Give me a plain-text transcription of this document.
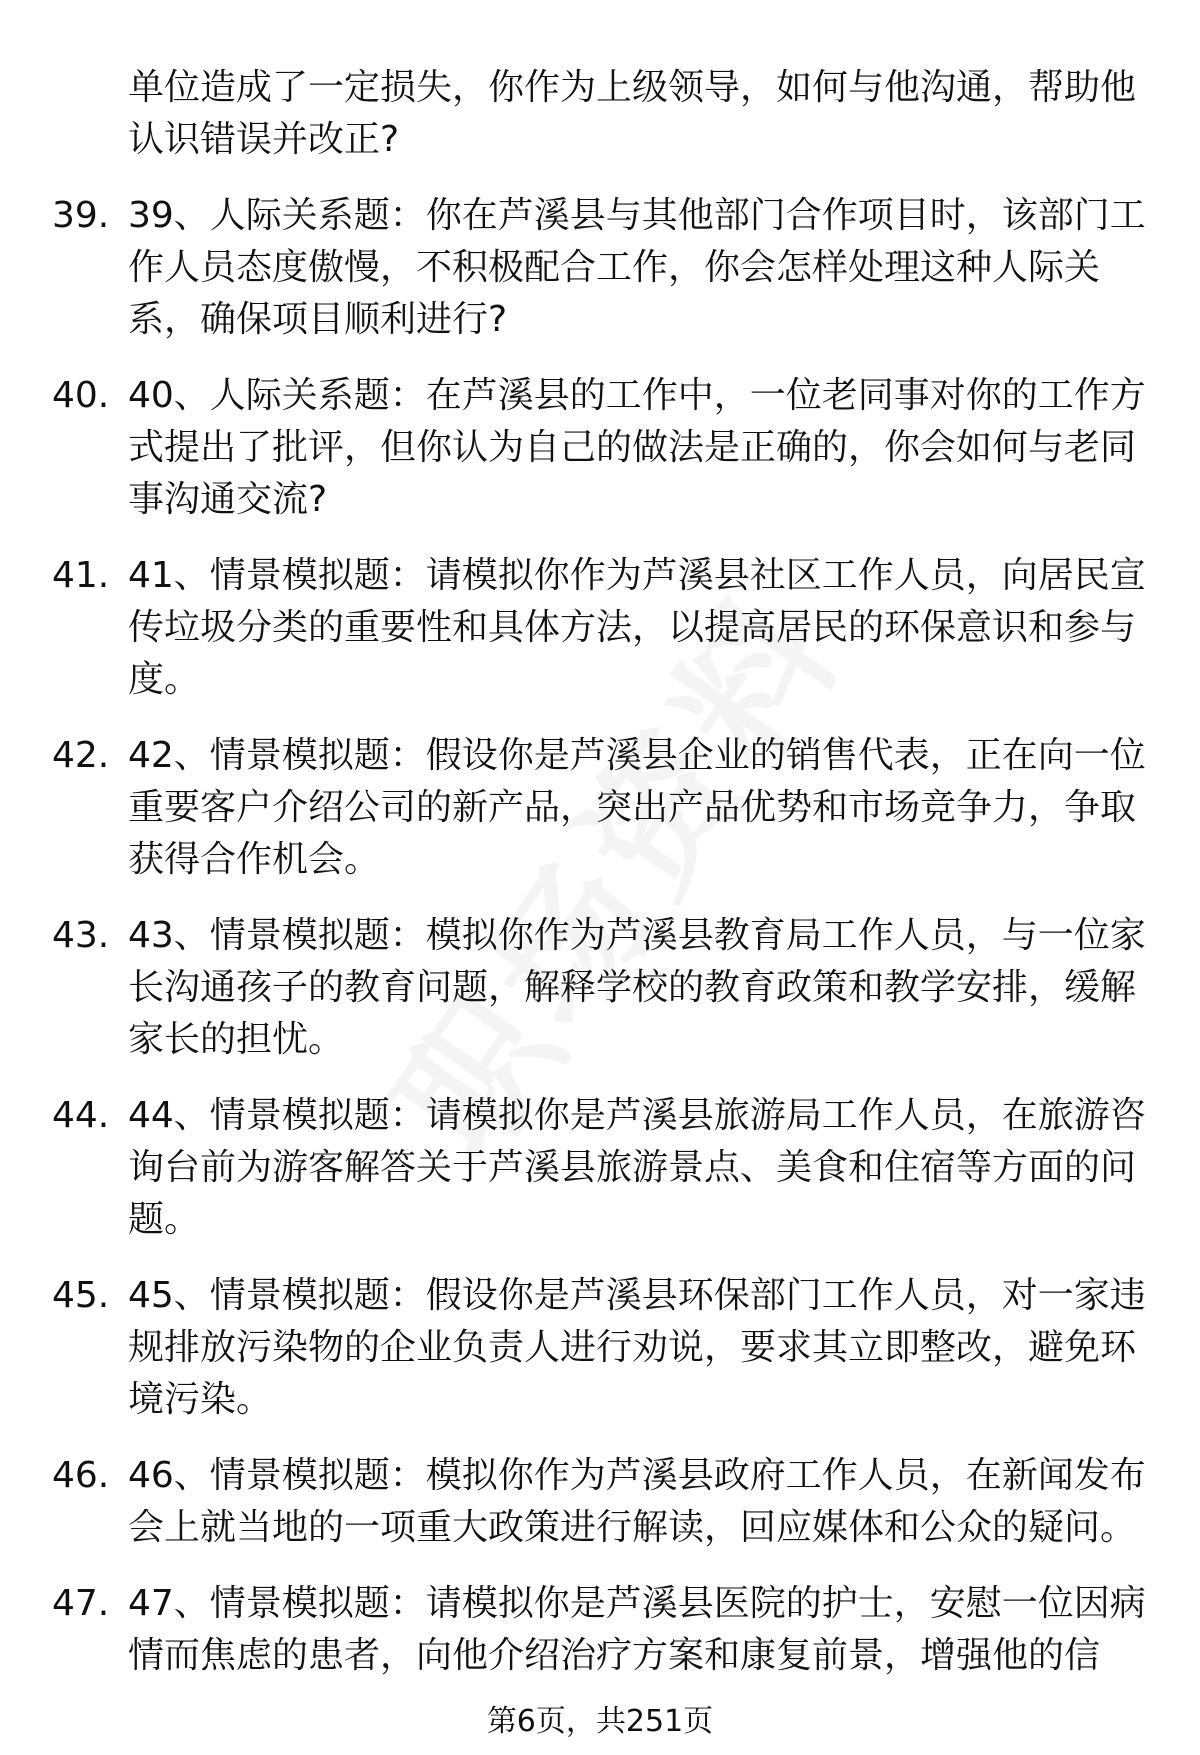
单位造成了一定损失，你作为上级领导，如何与他沟通，帮助他认识错误并改正?
39. 39、人际关系题：你在芦溪县与其他部门合作项目时，该部门工作人员态度傲慢，不积极配合工作，你会怎样处理这种人际关系，确保项目顺利进行?
40. 40、人际关系题：在芦溪县的工作中，一位老同事对你的工作方式提出了批评，但你认为自己的做法是正确的，你会如何与老同事沟通交流?
41. 41、情景模拟题：请模拟你作为芦溪县社区工作人员，向居民宣传垃圾分类的重要性和具体方法，以提高居民的环保意识和参与度。
42. 42、情景模拟题：假设你是芦溪县企业的销售代表，正在向一位重要客户介绍公司的新产品，突出产品优势和市场竞争力，争取获得合作机会。
43. 43、情景模拟题：模拟你作为芦溪县教育局工作人员，与一位家长沟通孩子的教育问题，解释学校的教育政策和教学安排，缓解家长的担忧。
44. 44、情景模拟题：请模拟你是芦溪县旅游局工作人员，在旅游咨询台前为游客解答关于芦溪县旅游景点、美食和住宿等方面的问题。
45. 45、情景模拟题：假设你是芦溪县环保部门工作人员，对一家违规排放污染物的企业负责人进行劝说，要求其立即整改，避免环境污染。
46. 46、情景模拟题：模拟你作为芦溪县政府工作人员，在新闻发布会上就当地的一项重大政策进行解读，回应媒体和公众的疑问。
47. 47、情景模拟题：请模拟你是芦溪县医院的护士，安慰一位因病情而焦虑的患者，向他介绍治疗方案和康复前景，增强他的信
第6页，共251页
